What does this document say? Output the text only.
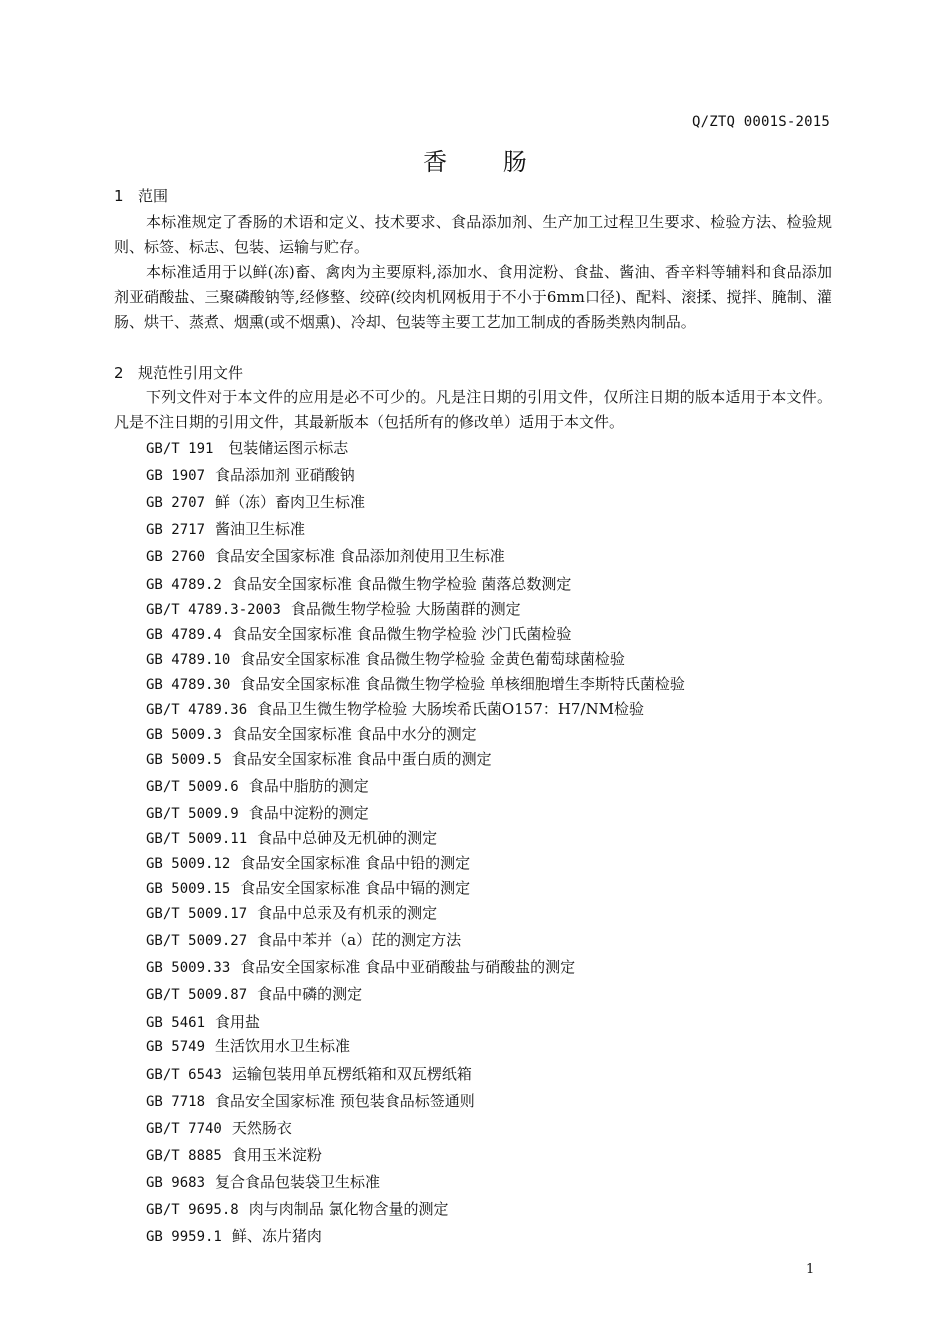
Q/ZTQ 0001S-2015
香 肠
1 范围
本标准规定了香肠的术语和定义、技术要求、食品添加剂、生产加工过程卫生要求、检验方法、检验规则、标签、标志、包装、运输与贮存。
本标准适用于以鲜(冻)畜、禽肉为主要原料,添加水、食用淀粉、食盐、酱油、香辛料等辅料和食品添加剂亚硝酸盐、三聚磷酸钠等,经修整、绞碎(绞肉机网板用于不小于6mm口径)、配料、滚揉、搅拌、腌制、灌肠、烘干、蒸煮、烟熏(或不烟熏)、冷却、包装等主要工艺加工制成的香肠类熟肉制品。
2 规范性引用文件
下列文件对于本文件的应用是必不可少的。凡是注日期的引用文件，仅所注日期的版本适用于本文件。凡是不注日期的引用文件，其最新版本（包括所有的修改单）适用于本文件。
GB/T 191 包装储运图示标志
GB 1907 食品添加剂 亚硝酸钠
GB 2707 鲜（冻）畜肉卫生标准
GB 2717 酱油卫生标准
GB 2760 食品安全国家标准 食品添加剂使用卫生标准
GB 4789.2 食品安全国家标准 食品微生物学检验 菌落总数测定
GB/T 4789.3-2003 食品微生物学检验 大肠菌群的测定
GB 4789.4 食品安全国家标准 食品微生物学检验 沙门氏菌检验
GB 4789.10 食品安全国家标准 食品微生物学检验 金黄色葡萄球菌检验
GB 4789.30 食品安全国家标准 食品微生物学检验 单核细胞增生李斯特氏菌检验
GB/T 4789.36 食品卫生微生物学检验 大肠埃希氏菌O157：H7/NM检验
GB 5009.3 食品安全国家标准 食品中水分的测定
GB 5009.5 食品安全国家标准 食品中蛋白质的测定
GB/T 5009.6 食品中脂肪的测定
GB/T 5009.9 食品中淀粉的测定
GB/T 5009.11 食品中总砷及无机砷的测定
GB 5009.12 食品安全国家标准 食品中铅的测定
GB 5009.15 食品安全国家标准 食品中镉的测定
GB/T 5009.17 食品中总汞及有机汞的测定
GB/T 5009.27 食品中苯并（a）芘的测定方法
GB 5009.33 食品安全国家标准 食品中亚硝酸盐与硝酸盐的测定
GB/T 5009.87 食品中磷的测定
GB 5461 食用盐
GB 5749 生活饮用水卫生标准
GB/T 6543 运输包装用单瓦楞纸箱和双瓦楞纸箱
GB 7718 食品安全国家标准 预包装食品标签通则
GB/T 7740 天然肠衣
GB/T 8885 食用玉米淀粉
GB 9683 复合食品包装袋卫生标准
GB/T 9695.8 肉与肉制品 氯化物含量的测定
GB 9959.1 鲜、冻片猪肉
1
